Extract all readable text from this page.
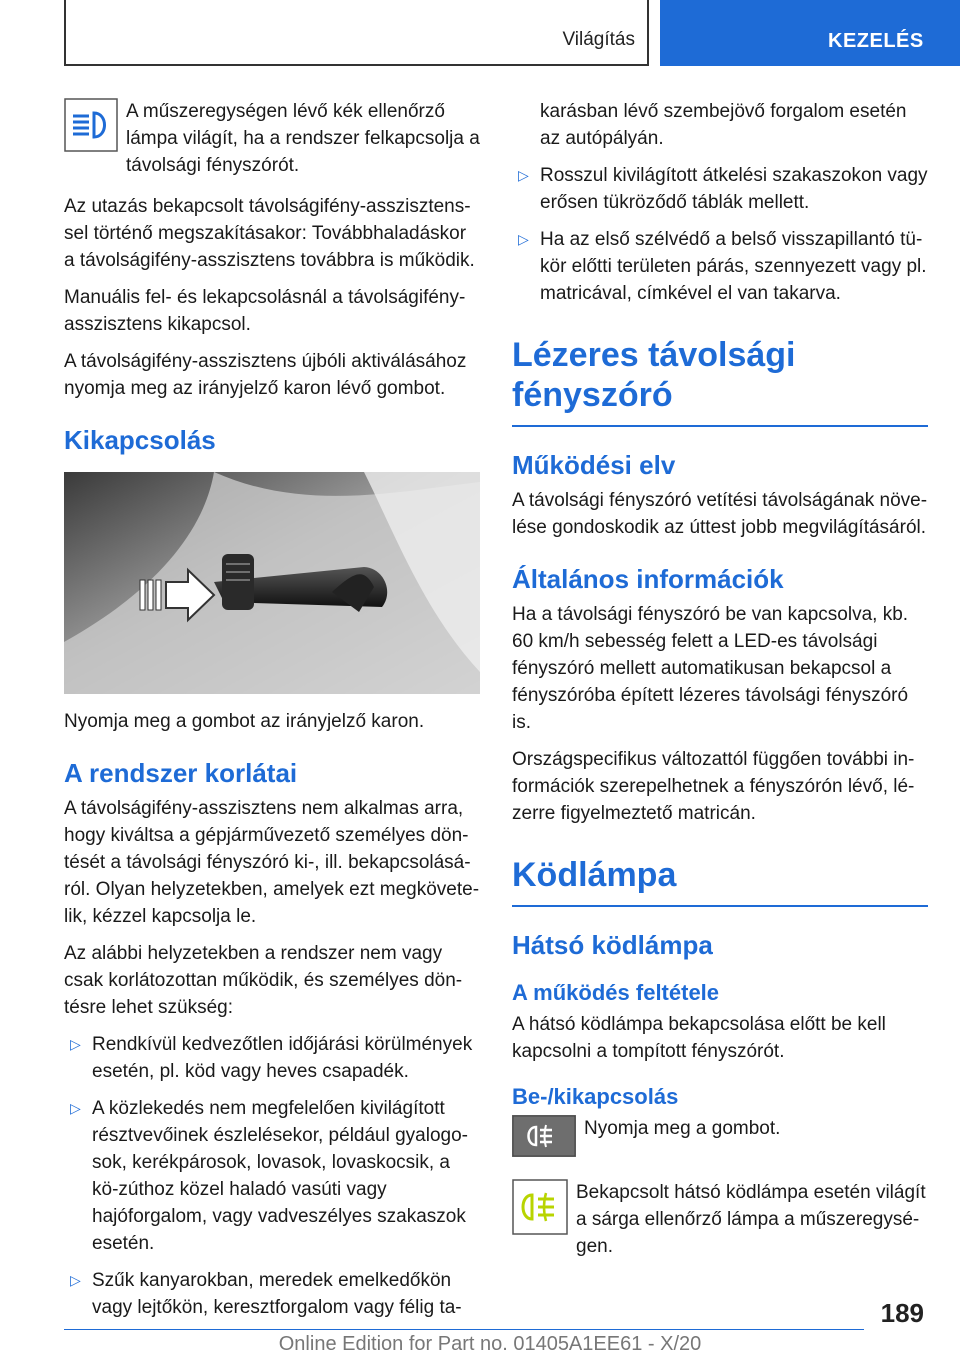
Világítás	KEZELÉS
A műszeregységen lévő kék ellenőrző lámpa világít, ha a rendszer felkapcsolja a távolsági fényszórót.

Az utazás bekapcsolt távolságifény-asszisztens-sel történő megszakításakor: Továbbhaladáskor a távolságifény-asszisztens továbbra is működik.

Manuális fel- és lekapcsolásnál a távolságifény-asszisztens kikapcsol.

A távolságifény-asszisztens újbóli aktiválásához nyomja meg az irányjelző karon lévő gombot.

Kikapcsolás

Nyomja meg a gombot az irányjelző karon.

A rendszer korlátai

A távolságifény-asszisztens nem alkalmas arra, hogy kiváltsa a gépjárművezető személyes dön-tését a távolsági fényszóró ki-, ill. bekapcsolásá-ról. Olyan helyzetekben, amelyek ezt megkövete-lik, kézzel kapcsolja le.

Az alábbi helyzetekben a rendszer nem vagy csak korlátozottan működik, és személyes dön-tésre lehet szükség:

▷ Rendkívül kedvezőtlen időjárási körülmények esetén, pl. köd vagy heves csapadék.
▷ A közlekedés nem megfelelően kivilágított résztvevőinek észlelésekor, például gyalogo-sok, kerékpárosok, lovasok, lovaskocsik, a kö-zúthoz közel haladó vasúti vagy hajóforgalom, vagy vadveszélyes szakaszok esetén.
▷ Szűk kanyarokban, meredek emelkedőkön vagy lejtőkön, keresztforgalom vagy félig ta-
karásban lévő szembejövő forgalom esetén az autópályán.
▷ Rosszul kivilágított átkelési szakaszokon vagy erősen tükröződő táblák mellett.
▷ Ha az első szélvédő a belső visszapillantó tü-kör előtti területen párás, szennyezett vagy pl. matricával, címkével el van takarva.
Lézeres távolsági fényszóró
Működési elv

A távolsági fényszóró vetítési távolságának növe-lése gondoskodik az úttest jobb megvilágításáról.

Általános információk

Ha a távolsági fényszóró be van kapcsolva, kb. 60 km/h sebesség felett a LED-es távolsági fényszóró mellett automatikusan bekapcsol a fényszóróba épített lézeres távolsági fényszóró is.

Országspecifikus változattól függően további in-formációk szerepelhetnek a fényszórón lévő, lé-zerre figyelmeztető matricán.

Ködlámpa
Hátsó ködlámpa
A működés feltétele

A hátsó ködlámpa bekapcsolása előtt be kell kapcsolni a tompított fényszórót.

Be-/kikapcsolás
Nyomja meg a gombot.
Bekapcsolt hátsó ködlámpa esetén világít a sárga ellenőrző lámpa a műszeregysé-gen.
189
Online Edition for Part no. 01405A1EE61 - X/20
